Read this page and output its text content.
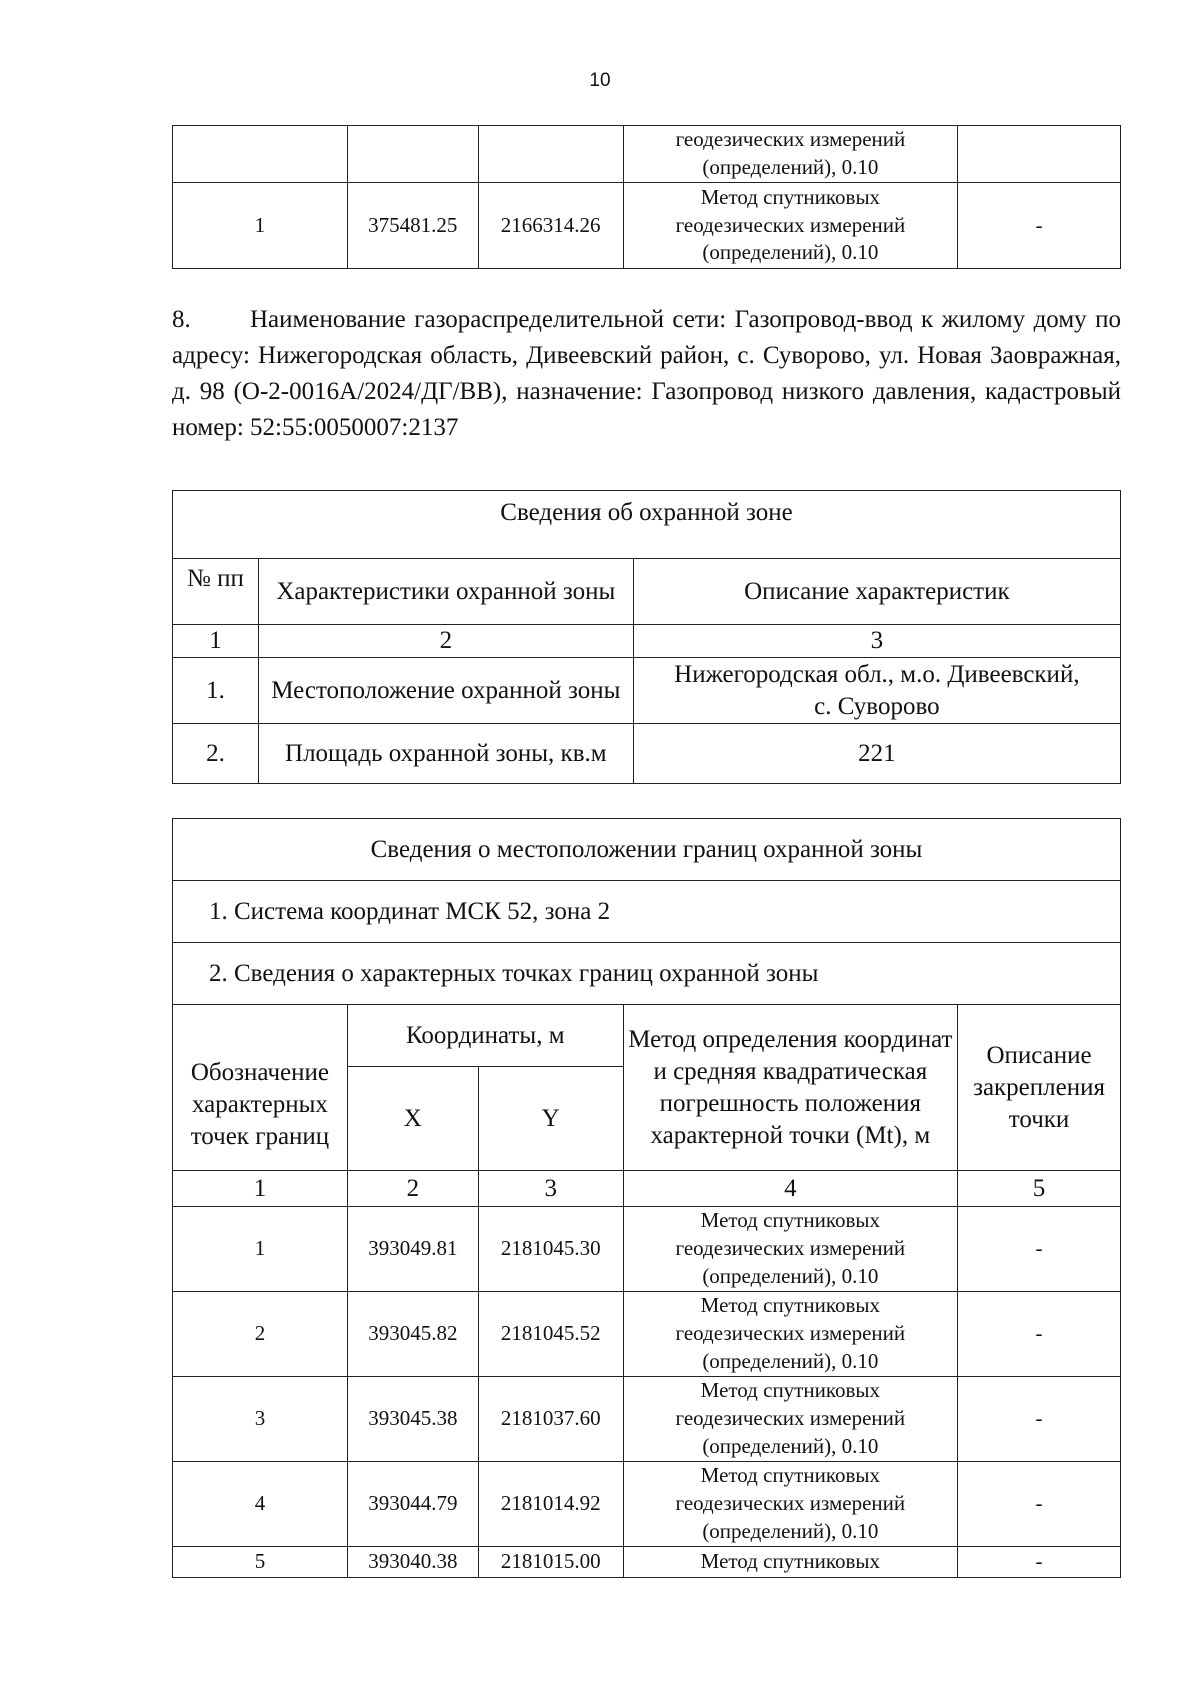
10

			геодезических измерений
(определений), 0.10	

1	375481.25	2166314.26	Метод спутниковых
геодезических измерений
(определений), 0.10	-

8. Наименование газораспределительной сети: Газопровод-ввод к жилому дому по адресу: Нижегородская область, Дивеевский район, с. Суворово, ул. Новая Заовражная, д. 98 (О-2-0016А/2024/ДГ/ВВ), назначение: Газопровод низкого давления, кадастровый номер: 52:55:0050007:2137

Сведения об охранной зоне		
№ пп	Характеристики охранной зоны	Описание характеристик
1	2	3
1.	Местоположение охранной зоны	Нижегородская обл., м.о. Дивеевский,
с. Суворово

2.	Площадь охранной зоны, кв.м	221
Сведения о местоположении границ охранной зоны				
1. Система координат МСК 52, зона 2				
2. Сведения о характерных точках границ охранной зоны				
Обозначение характерных точек границ	Координаты, м		Метод определения координат и средняя квадратическая погрешность положения характерной точки (Mt), м	Описание закрепления точки
	X	Y		
1	2	3	4	5
1	393049.81	2181045.30	Метод спутниковых
геодезических измерений
(определений), 0.10	-
2	393045.82	2181045.52	Метод спутниковых
геодезических измерений
(определений), 0.10	-
3	393045.38	2181037.60	Метод спутниковых
геодезических измерений
(определений), 0.10	-
4	393044.79	2181014.92	Метод спутниковых
геодезических измерений
(определений), 0.10	-
5	393040.38	2181015.00	Метод спутниковых	-
